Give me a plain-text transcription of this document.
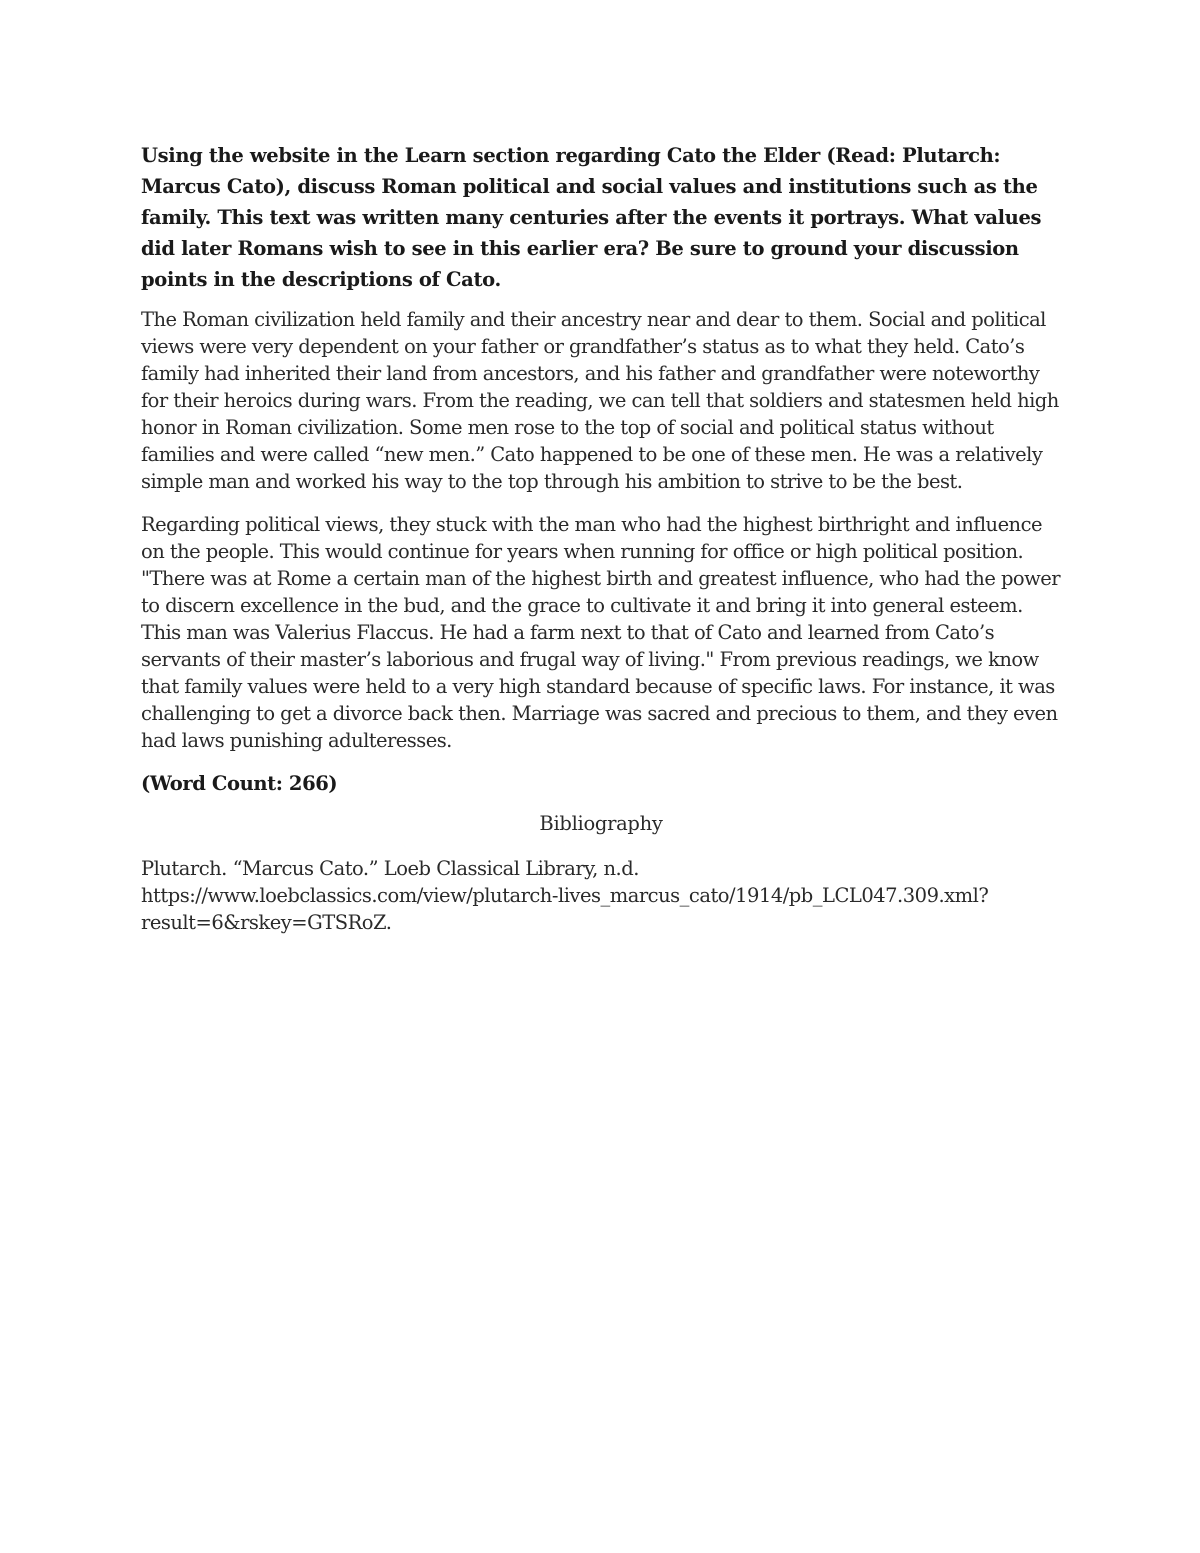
Using the website in the Learn section regarding Cato the Elder (Read: Plutarch: Marcus Cato), discuss Roman political and social values and institutions such as the family. This text was written many centuries after the events it portrays. What values did later Romans wish to see in this earlier era? Be sure to ground your discussion points in the descriptions of Cato.

The Roman civilization held family and their ancestry near and dear to them. Social and political views were very dependent on your father or grandfather’s status as to what they held. Cato’s family had inherited their land from ancestors, and his father and grandfather were noteworthy for their heroics during wars. From the reading, we can tell that soldiers and statesmen held high honor in Roman civilization. Some men rose to the top of social and political status without families and were called “new men.” Cato happened to be one of these men. He was a relatively simple man and worked his way to the top through his ambition to strive to be the best.

Regarding political views, they stuck with the man who had the highest birthright and influence on the people. This would continue for years when running for office or high political position. "There was at Rome a certain man of the highest birth and greatest influence, who had the power to discern excellence in the bud, and the grace to cultivate it and bring it into general esteem. This man was Valerius Flaccus. He had a farm next to that of Cato and learned from Cato’s servants of their master’s laborious and frugal way of living." From previous readings, we know that family values were held to a very high standard because of specific laws. For instance, it was challenging to get a divorce back then. Marriage was sacred and precious to them, and they even had laws punishing adulteresses.

(Word Count: 266)

Bibliography

Plutarch. “Marcus Cato.” Loeb Classical Library, n.d.
https://www.loebclassics.com/view/plutarch-lives_marcus_cato/1914/pb_LCL047.309.xml?
result=6&rskey=GTSRoZ.
